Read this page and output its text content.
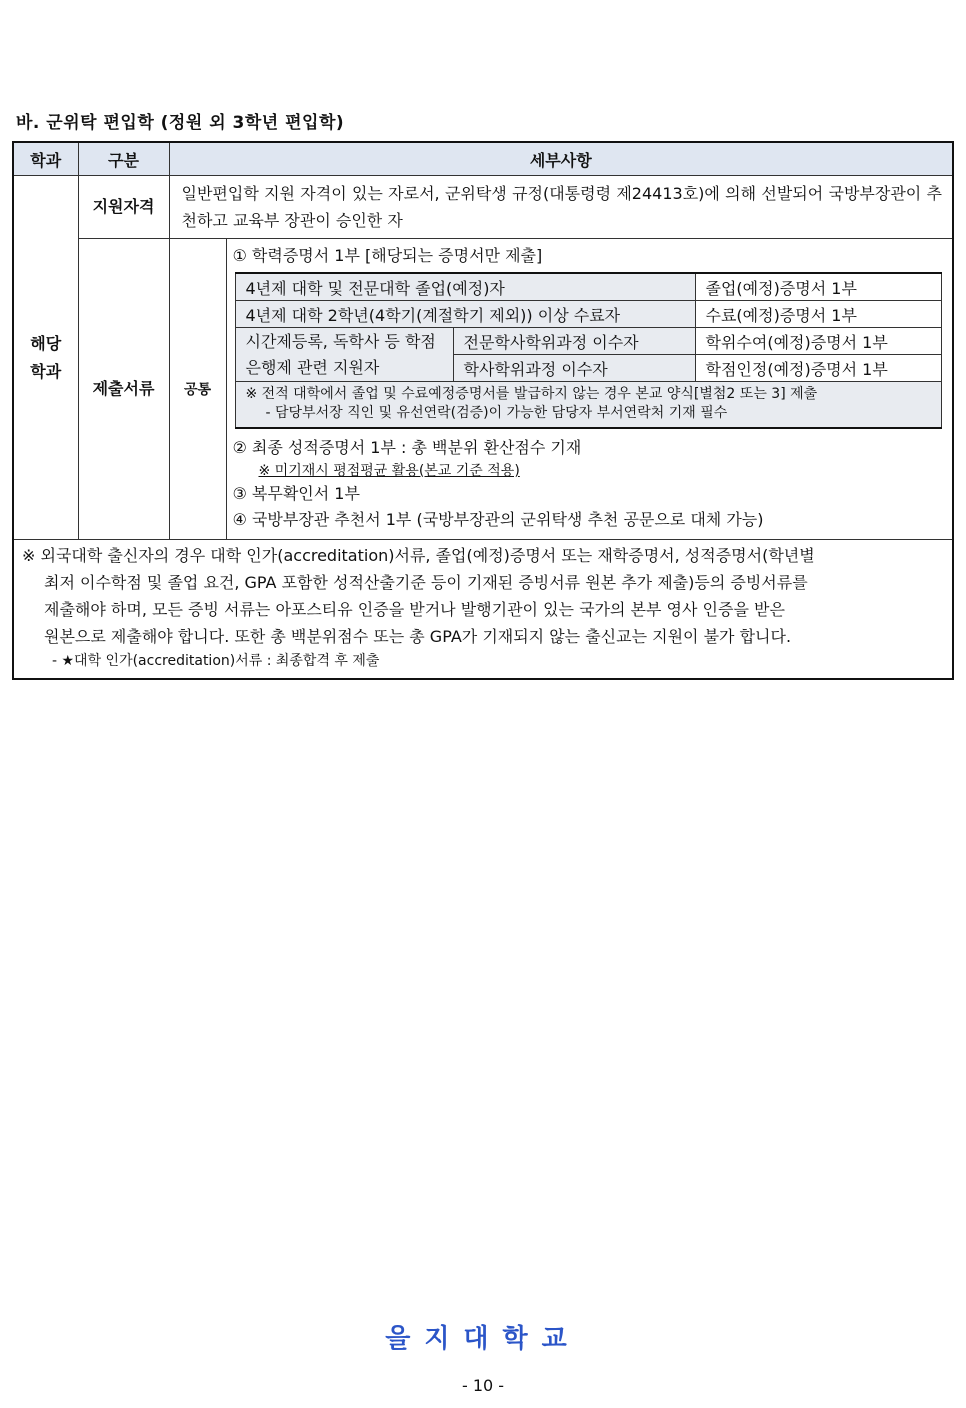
바. 군위탁 편입학 (정원 외 3학년 편입학)
학과	구분	세부사항

해당
학과
	지원자격	일반편입학 지원 자격이 있는 자로서, 군위탁생 규정(대통령령 제24413호)에 의해 선발되어 국방부장관이 추천하고 교육부 장관이 승인한 자
제출서류	공통	
① 학력증명서 1부 [해당되는 증명서만 제출]
4년제 대학 및 전문대학 졸업(예정)자	졸업(예정)증명서 1부
4년제 대학 2학년(4학기(계절학기 제외)) 이상 수료자	수료(예정)증명서 1부
시간제등록, 독학사 등 학점은행제 관련 지원자	전문학사학위과정 이수자	학위수여(예정)증명서 1부
학사학위과정 이수자	학점인정(예정)증명서 1부

※ 전적 대학에서 졸업 및 수료예정증명서를 발급하지 않는 경우 본교 양식[별첨2 또는 3] 제출
- 담당부서장 직인 및 유선연락(검증)이 가능한 담당자 부서연락처 기재 필수
② 최종 성적증명서 1부 : 총 백분위 환산점수 기재
※ 미기재시 평점평균 활용(본교 기준 적용)
③ 복무확인서 1부
④ 국방부장관 추천서 1부 (국방부장관의 군위탁생 추천 공문으로 대체 가능)

※ 외국대학 출신자의 경우 대학 인가(accreditation)서류, 졸업(예정)증명서 또는 재학증명서, 성적증명서(학년별
최저 이수학점 및 졸업 요건, GPA 포함한 성적산출기준 등이 기재된 증빙서류 원본 추가 제출)등의 증빙서류를
제출해야 하며, 모든 증빙 서류는 아포스티유 인증을 받거나 발행기관이 있는 국가의 본부 영사 인증을 받은
원본으로 제출해야 합니다. 또한 총 백분위점수 또는 총 GPA가 기재되지 않는 출신교는 지원이 불가 합니다.
- ★대학 인가(accreditation)서류 : 최종합격 후 제출
을지대학교
- 10 -
